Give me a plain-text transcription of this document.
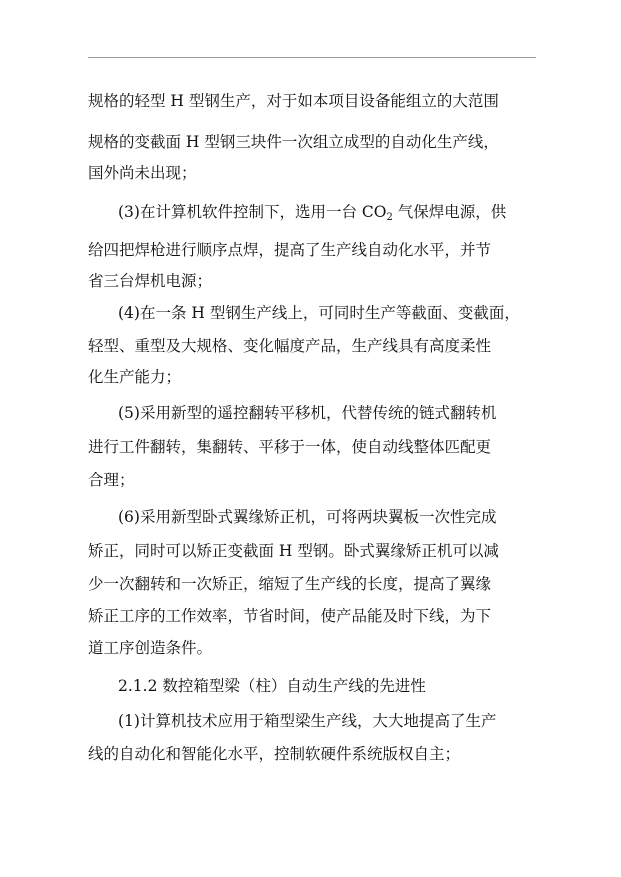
规格的轻型 H 型钢生产，对于如本项目设备能组立的大范围
规格的变截面 H 型钢三块件一次组立成型的自动化生产线，
国外尚未出现；
(3)在计算机软件控制下，选用一台 $CO_2$ 气保焊电源，供
给四把焊枪进行顺序点焊，提高了生产线自动化水平，并节
省三台焊机电源；
(4)在一条 H 型钢生产线上，可同时生产等截面、变截面，
轻型、重型及大规格、变化幅度产品，生产线具有高度柔性
化生产能力；
(5)采用新型的遥控翻转平移机，代替传统的链式翻转机
进行工件翻转，集翻转、平移于一体，使自动线整体匹配更
合理；
(6)采用新型卧式翼缘矫正机，可将两块翼板一次性完成
矫正，同时可以矫正变截面 H 型钢。卧式翼缘矫正机可以减
少一次翻转和一次矫正，缩短了生产线的长度，提高了翼缘
矫正工序的工作效率，节省时间，使产品能及时下线，为下
道工序创造条件。
2.1.2 数控箱型梁（柱）自动生产线的先进性
(1)计算机技术应用于箱型梁生产线，大大地提高了生产
线的自动化和智能化水平，控制软硬件系统版权自主；
